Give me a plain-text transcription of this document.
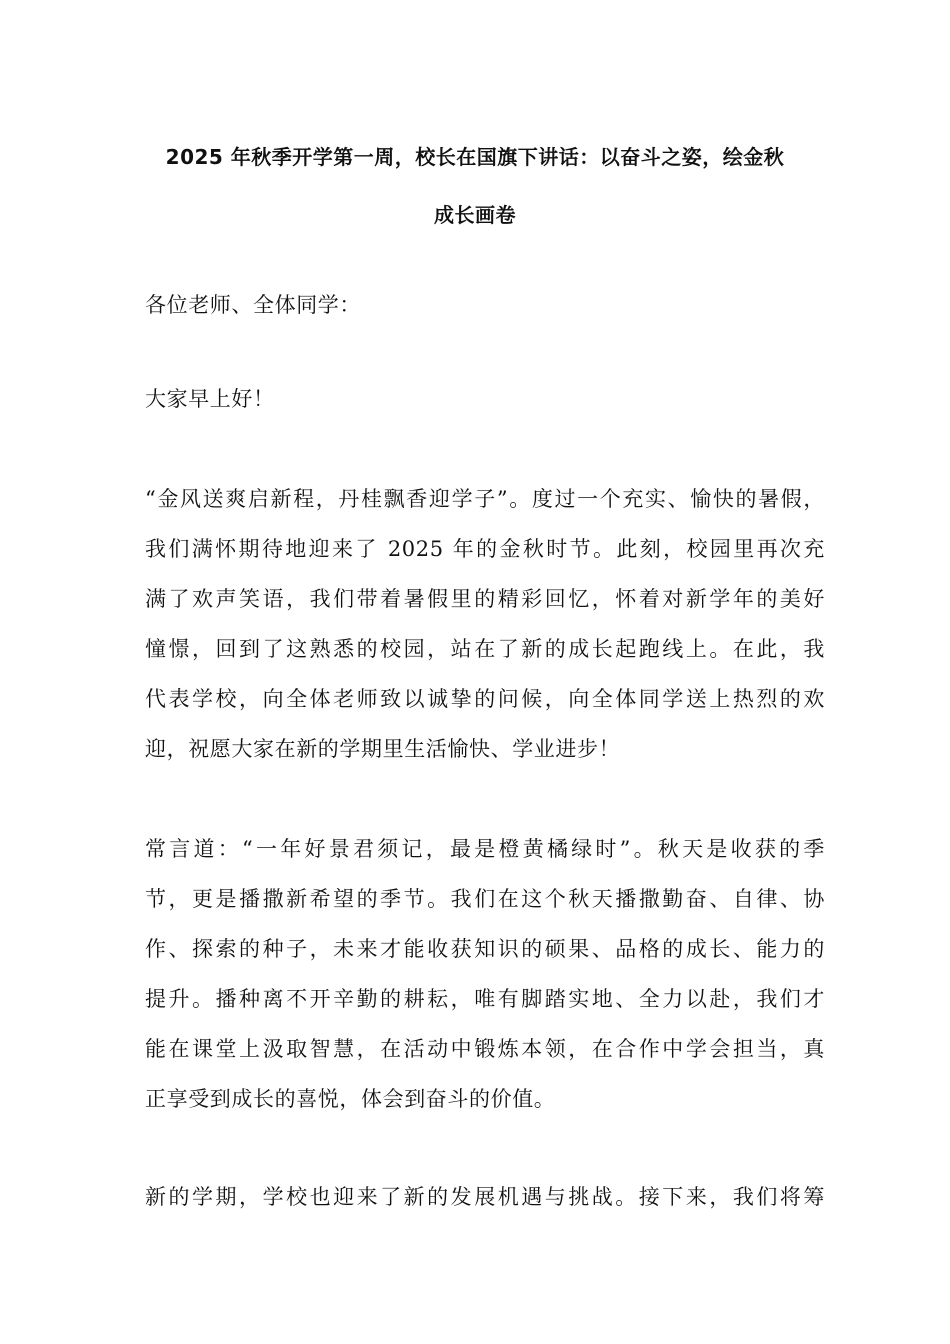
2025 年秋季开学第一周，校长在国旗下讲话：以奋斗之姿，绘金秋
成长画卷
各位老师、全体同学：
大家早上好！
“金风送爽启新程，丹桂飘香迎学子”。度过一个充实、愉快的暑假，
我们满怀期待地迎来了 2025 年的金秋时节。此刻，校园里再次充
满了欢声笑语，我们带着暑假里的精彩回忆，怀着对新学年的美好
憧憬，回到了这熟悉的校园，站在了新的成长起跑线上。在此，我
代表学校，向全体老师致以诚挚的问候，向全体同学送上热烈的欢
迎，祝愿大家在新的学期里生活愉快、学业进步！
常言道：“一年好景君须记，最是橙黄橘绿时”。秋天是收获的季
节，更是播撒新希望的季节。我们在这个秋天播撒勤奋、自律、协
作、探索的种子，未来才能收获知识的硕果、品格的成长、能力的
提升。播种离不开辛勤的耕耘，唯有脚踏实地、全力以赴，我们才
能在课堂上汲取智慧，在活动中锻炼本领，在合作中学会担当，真
正享受到成长的喜悦，体会到奋斗的价值。
新的学期，学校也迎来了新的发展机遇与挑战。接下来，我们将筹
